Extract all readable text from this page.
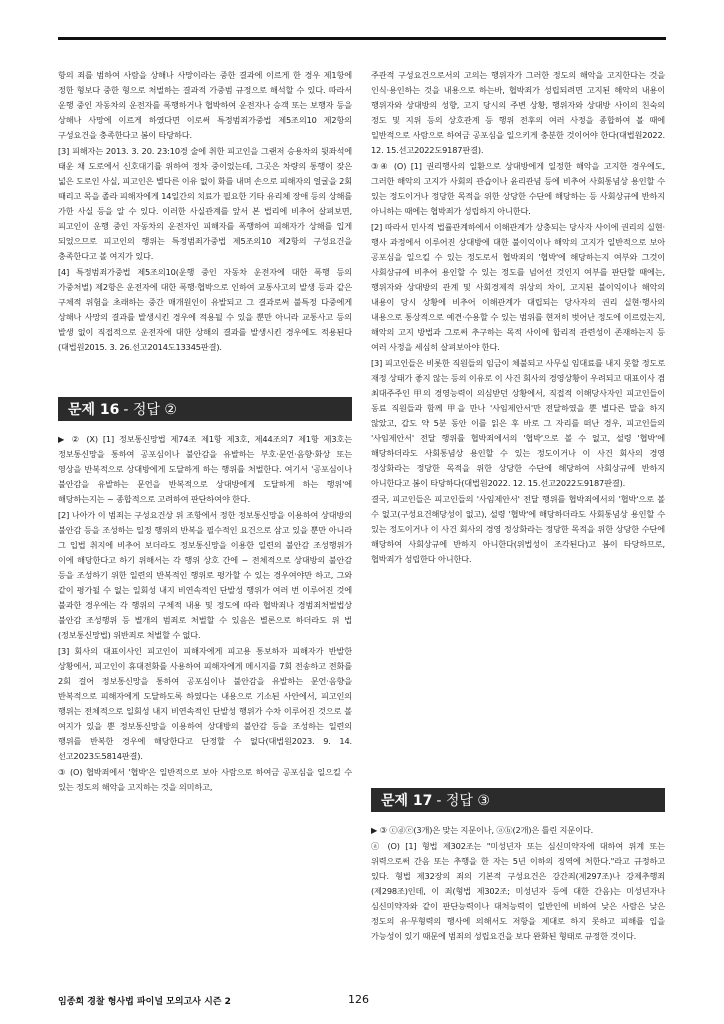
항의 죄를 범하여 사람을 상해나 사망이라는 중한 결과에 이르게 한 경우 제1항에 정한 형보다 중한 형으로 처벌하는 결과적 가중범 규정으로 해석할 수 있다. 따라서 운행 중인 자동차의 운전자를 폭행하거나 협박하여 운전자나 승객 또는 보행자 등을 상해나 사망에 이르게 하였다면 이로써 특정범죄가중법 제5조의10 제2항의 구성요건을 충족한다고 봄이 타당하다.

[3] 피해자는 2013. 3. 20. 23:10경 술에 취한 피고인을 그랜저 승용차의 뒷좌석에 태운 채 도로에서 신호대기를 위하여 정차 중이었는데, 그곳은 차량의 통행이 잦은 넓은 도로인 사실, 피고인은 별다른 이유 없이 화를 내며 손으로 피해자의 얼굴을 2회 때리고 목을 졸라 피해자에게 14일간의 치료가 필요한 기타 유리체 장애 등의 상해를 가한 사실 등을 알 수 있다. 이러한 사실관계를 앞서 본 법리에 비추어 살펴보면, 피고인이 운행 중인 자동차의 운전자인 피해자를 폭행하여 피해자가 상해를 입게 되었으므로 피고인의 행위는 특정범죄가중법 제5조의10 제2항의 구성요건을 충족한다고 볼 여지가 있다.

[4] 특정범죄가중법 제5조의10(운행 중인 자동차 운전자에 대한 폭행 등의 가중처벌) 제2항은 운전자에 대한 폭행·협박으로 인하여 교통사고의 발생 등과 같은 구체적 위험을 초래하는 중간 매개원인이 유발되고 그 결과로써 불특정 다중에게 상해나 사망의 결과를 발생시킨 경우에 적용될 수 있을 뿐만 아니라 교통사고 등의 발생 없이 직접적으로 운전자에 대한 상해의 결과를 발생시킨 경우에도 적용된다(대법원2015. 3. 26.선고2014도13345판결).

문제 16 - 정답 ②

▶ ② (X) [1] 정보통신망법 제74조 제1항 제3호, 제44조의7 제1항 제3호는 정보통신망을 통하여 공포심이나 불안감을 유발하는 부호·문언·음향·화상 또는 영상을 반복적으로 상대방에게 도달하게 하는 행위를 처벌한다. 여기서 '공포심이나 불안감을 유발하는 문언을 반복적으로 상대방에게 도달하게 하는 행위'에 해당하는지는 ~ 종합적으로 고려하여 판단하여야 한다.

[2] 나아가 이 범죄는 구성요건상 위 조항에서 정한 정보통신망을 이용하여 상대방의 불안감 등을 조성하는 일정 행위의 반복을 필수적인 요건으로 삼고 있을 뿐만 아니라 그 입법 취지에 비추어 보더라도 정보통신망을 이용한 일련의 불안감 조성행위가 이에 해당한다고 하기 위해서는 각 행위 상호 간에 ~ 전체적으로 상대방의 불안감 등을 조성하기 위한 일련의 반복적인 행위로 평가할 수 있는 경우여야만 하고, 그와 같이 평가될 수 없는 일회성 내지 비연속적인 단발성 행위가 여러 번 이루어진 것에 불과한 경우에는 각 행위의 구체적 내용 및 정도에 따라 협박죄나 경범죄처벌법상 불안감 조성행위 등 별개의 범죄로 처벌할 수 있음은 별론으로 하더라도 위 법(정보통신망법) 위반죄로 처벌할 수 없다.

[3] 회사의 대표이사인 피고인이 피해자에게 피고용 통보하자 피해자가 반발한 상황에서, 피고인이 휴대전화를 사용하여 피해자에게 메시지를 7회 전송하고 전화를 2회 걸어 정보통신망을 통하여 공포심이나 불안감을 유발하는 문언·음향을 반복적으로 피해자에게 도달하도록 하였다는 내용으로 기소된 사안에서, 피고인의 행위는 전체적으로 일회성 내지 비연속적인 단발성 행위가 수차 이루어진 것으로 볼 여지가 있을 뿐 정보통신망을 이용하여 상대방의 불안감 등을 조성하는 일련의 행위를 반복한 경우에 해당한다고 단정할 수 없다(대법원2023. 9. 14.선고2023도5814판결).

③ (O) 협박죄에서 '협박'은 일반적으로 보아 사람으로 하여금 공포심을 일으킬 수 있는 정도의 해악을 고지하는 것을 의미하고,

주관적 구성요건으로서의 고의는 행위자가 그러한 정도의 해악을 고지한다는 것을 인식·용인하는 것을 내용으로 하는바, 협박죄가 성립되려면 고지된 해악의 내용이 행위자와 상대방의 성향, 고지 당시의 주변 상황, 행위자와 상대방 사이의 친숙의 정도 및 지위 등의 상호관계 등 행위 전후의 여러 사정을 종합하여 볼 때에 일반적으로 사람으로 하여금 공포심을 일으키게 충분한 것이어야 한다(대법원2022. 12. 15.선고2022도9187판결).

③④ (O) [1] 권리행사의 일환으로 상대방에게 일정한 해악을 고지한 경우에도, 그러한 해악의 고지가 사회의 관습이나 윤리관념 등에 비추어 사회통념상 용인할 수 있는 정도이거나 정당한 목적을 위한 상당한 수단에 해당하는 등 사회상규에 반하지 아니하는 때에는 협박죄가 성립하지 아니한다.

[2] 따라서 민사적 법률관계하에서 이해관계가 상충되는 당사자 사이에 권리의 실현·행사 과정에서 이루어진 상대방에 대한 불이익이나 해악의 고지가 일반적으로 보아 공포심을 일으킬 수 있는 정도로서 협박죄의 '협박'에 해당하는지 여부와 그것이 사회상규에 비추어 용인할 수 있는 정도를 넘어선 것인지 여부를 판단할 때에는, 행위자와 상대방의 관계 및 사회경제적 위상의 차이, 고지된 불이익이나 해악의 내용이 당시 상황에 비추어 이해관계가 대립되는 당사자의 권리 실현·행사의 내용으로 통상적으로 예견·수용할 수 있는 범위를 현저히 벗어난 정도에 이르렀는지, 해악의 고지 방법과 그로써 추구하는 목적 사이에 합리적 관련성이 존재하는지 등 여러 사정을 세심히 살펴보아야 한다.

[3] 피고인들은 비롯한 직원들의 임금이 체불되고 사무실 임대료를 내지 못할 정도로 재정 상태가 좋지 않는 등의 이유로 이 사건 회사의 경영상황이 우려되고 대표이사 겸 최대주주인 甲의 경영능력이 의심받던 상황에서, 직접적 이해당사자인 피고인들이 동료 직원들과 함께 甲을 만나 '사임제안서'만 전달하였을 뿐 별다른 말을 하지 않았고, 갑도 약 5분 동안 이를 읽은 후 바로 그 자리를 떠난 경우, 피고인들의 '사임제안서' 전달 행위를 협박죄에서의 '협박'으로 볼 수 없고, 설령 '협박'에 해당하더라도 사회통념상 용인할 수 있는 정도이거나 이 사건 회사의 경영 정상화라는 정당한 목적을 위한 상당한 수단에 해당하여 사회상규에 반하지 아니한다고 봄이 타당하다(대법원2022. 12. 15.선고2022도9187판결).

결국, 피고인들은 피고인들의 '사임제안서' 전달 행위를 협박죄에서의 '협박'으로 볼 수 없고(구성요건해당성이 없고), 설령 '협박'에 해당하더라도 사회통념상 용인할 수 있는 정도이거나 이 사건 회사의 경영 정상화라는 정당한 목적을 위한 상당한 수단에 해당하여 사회상규에 반하지 아니한다(위법성이 조각된다)고 봄이 타당하므로, 협박죄가 성립한다 아니한다.

문제 17 - 정답 ③

▶ ③ ⓒⓓⓔ(3개)은 맞는 지문이나, ⓐⓑ(2개)은 틀린 지문이다.

ⓐ (O) [1] 형법 제302조는 "미성년자 또는 심신미약자에 대하여 위계 또는 위력으로써 간음 또는 추행을 한 자는 5년 이하의 징역에 처한다."라고 규정하고 있다. 형법 제32장의 죄의 기본적 구성요건은 강간죄(제297조)나 강제추행죄(제298조)인데, 이 죄(형법 제302조; 미성년자 등에 대한 간음)는 미성년자나 심신미약자와 같이 판단능력이나 대처능력이 일반인에 비하여 낮은 사람은 낮은 정도의 유·무형력의 행사에 의해서도 저항을 제대로 하지 못하고 피해를 입을 가능성이 있기 때문에 범죄의 성립요건을 보다 완화된 형태로 규정한 것이다.

임종희 경찰 형사법 파이널 모의고사 시즌 2	126
